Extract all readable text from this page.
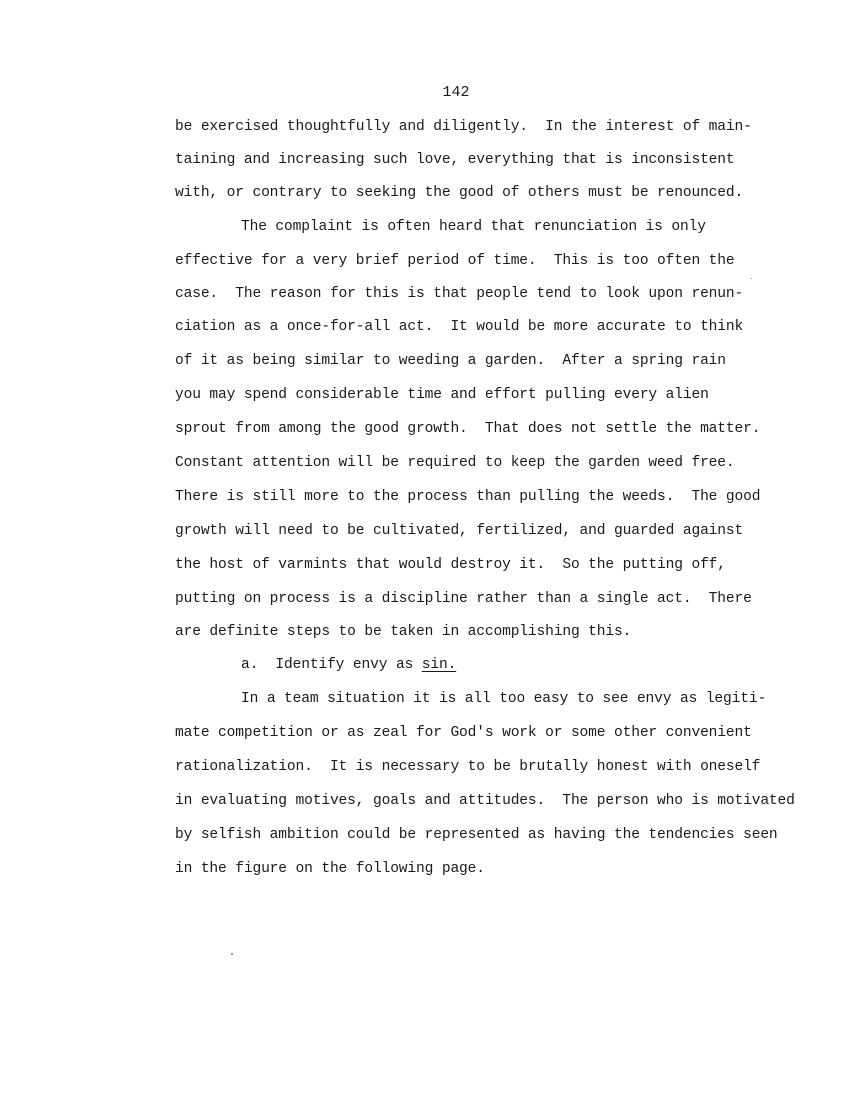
142
be exercised thoughtfully and diligently.  In the interest of main-
taining and increasing such love, everything that is inconsistent
with, or contrary to seeking the good of others must be renounced.
The complaint is often heard that renunciation is only
effective for a very brief period of time.  This is too often the
case.  The reason for this is that people tend to look upon renun-
ciation as a once-for-all act.  It would be more accurate to think
of it as being similar to weeding a garden.  After a spring rain
you may spend considerable time and effort pulling every alien
sprout from among the good growth.  That does not settle the matter.
Constant attention will be required to keep the garden weed free.
There is still more to the process than pulling the weeds.  The good
growth will need to be cultivated, fertilized, and guarded against
the host of varmints that would destroy it.  So the putting off,
putting on process is a discipline rather than a single act.  There
are definite steps to be taken in accomplishing this.
a.  Identify envy as sin.
In a team situation it is all too easy to see envy as legiti-
mate competition or as zeal for God's work or some other convenient
rationalization.  It is necessary to be brutally honest with oneself
in evaluating motives, goals and attitudes.  The person who is motivated
by selfish ambition could be represented as having the tendencies seen
in the figure on the following page.
